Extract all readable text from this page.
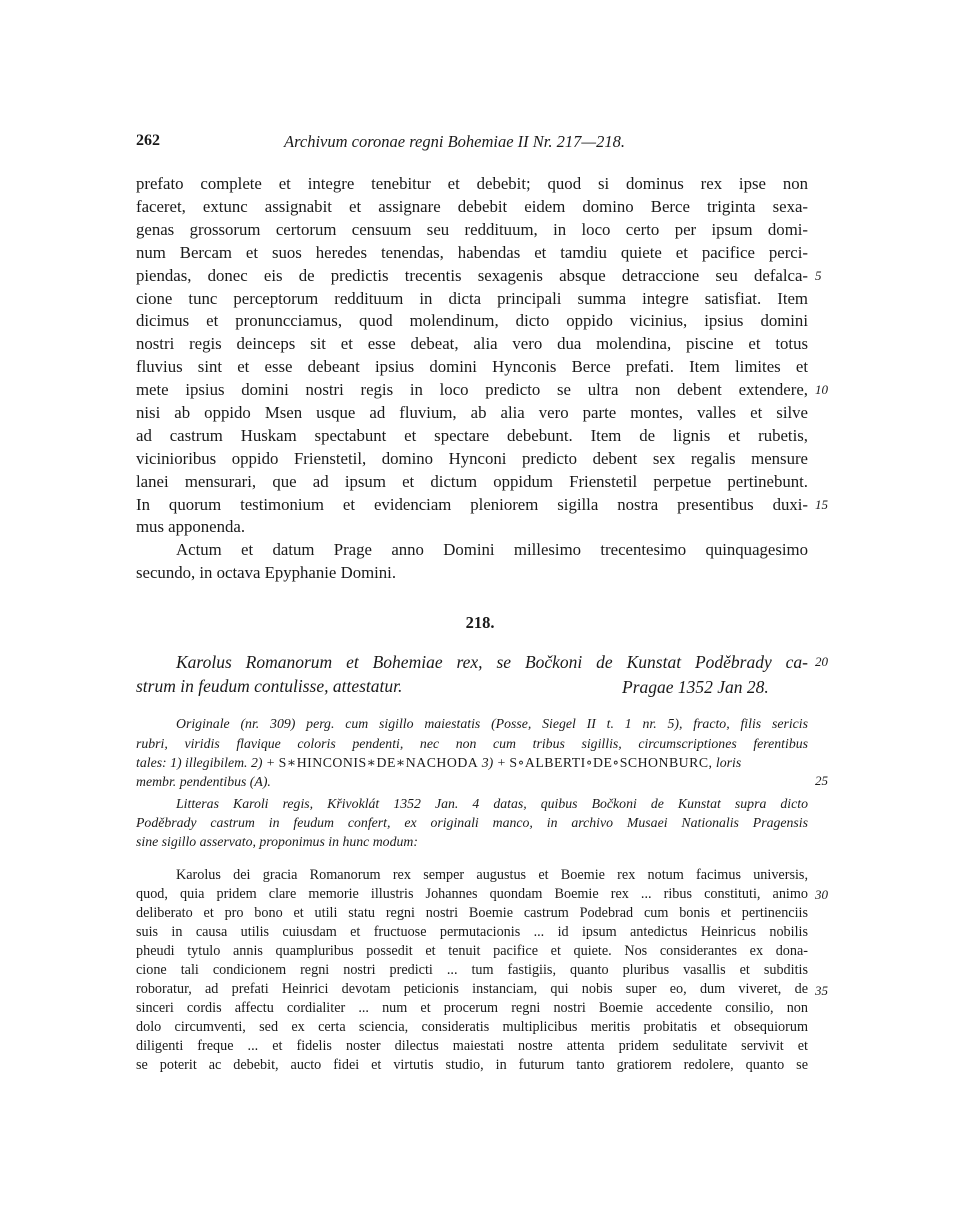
262	Archivum coronae regni Bohemiae II Nr. 217—218.
prefato complete et integre tenebitur et debebit; quod si dominus rex ipse non
faceret, extunc assignabit et assignare debebit eidem domino Berce triginta sexa-
genas grossorum certorum censuum seu reddituum, in loco certo per ipsum domi-
num Bercam et suos heredes tenendas, habendas et tamdiu quiete et pacifice perci-
piendas, donec eis de predictis trecentis sexagenis absque detraccione seu defalca-
cione tunc perceptorum reddituum in dicta principali summa integre satisfiat. Item
dicimus et pronuncciamus, quod molendinum, dicto oppido vicinius, ipsius domini
nostri regis deinceps sit et esse debeat, alia vero dua molendina, piscine et totus
fluvius sint et esse debeant ipsius domini Hynconis Berce prefati. Item limites et
mete ipsius domini nostri regis in loco predicto se ultra non debent extendere,
nisi ab oppido Msen usque ad fluvium, ab alia vero parte montes, valles et silve
ad castrum Huskam spectabunt et spectare debebunt. Item de lignis et rubetis,
vicinioribus oppido Frienstetil, domino Hynconi predicto debent sex regalis mensure
lanei mensurari, que ad ipsum et dictum oppidum Frienstetil perpetue pertinebunt.
In quorum testimonium et evidenciam pleniorem sigilla nostra presentibus duxi-
mus apponenda.
Actum et datum Prage anno Domini millesimo trecentesimo quinquagesimo
secundo, in octava Epyphanie Domini.
218.
Karolus Romanorum et Bohemiae rex, se Bočkoni de Kunstat Poděbrady ca-
strum in feudum contulisse, attestatur.	Pragae 1352 Jan 28.
Originale (nr. 309) perg. cum sigillo maiestatis (Posse, Siegel II t. 1 nr. 5), fracto, filis sericis
rubri, viridis flavique coloris pendenti, nec non cum tribus sigillis, circumscriptiones ferentibus
tales: 1) illegibilem. 2) + S∗HINCONIS∗DE∗NACHODA 3) + S∘ALBERTI∘DE∘SCHONBURC, loris
membr. pendentibus (A).
Litteras Karoli regis, Křivoklát 1352 Jan. 4 datas, quibus Bočkoni de Kunstat supra dicto
Poděbrady castrum in feudum confert, ex originali manco, in archivo Musaei Nationalis Pragensis
sine sigillo asservato, proponimus in hunc modum:
Karolus dei gracia Romanorum rex semper augustus et Boemie rex notum facimus universis,
quod, quia pridem clare memorie illustris Johannes quondam Boemie rex ... ribus constituti, animo
deliberato et pro bono et utili statu regni nostri Boemie castrum Podebrad cum bonis et pertinenciis
suis in causa utilis cuiusdam et fructuose permutacionis ... id ipsum antedictus Heinricus nobilis
pheudi tytulo annis quampluribus possedit et tenuit pacifice et quiete. Nos considerantes ex dona-
cione tali condicionem regni nostri predicti ... tum fastigiis, quanto pluribus vasallis et subditis
roboratur, ad prefati Heinrici devotam peticionis instanciam, qui nobis super eo, dum viveret, de
sinceri cordis affectu cordialiter ... num et procerum regni nostri Boemie accedente consilio, non
dolo circumventi, sed ex certa sciencia, consideratis multiplicibus meritis probitatis et obsequiorum
diligenti freque ... et fidelis noster dilectus maiestati nostre attenta pridem sedulitate servivit et
se poterit ac debebit, aucto fidei et virtutis studio, in futurum tanto gratiorem redolere, quanto se
5
10
15
20
25
30
35
